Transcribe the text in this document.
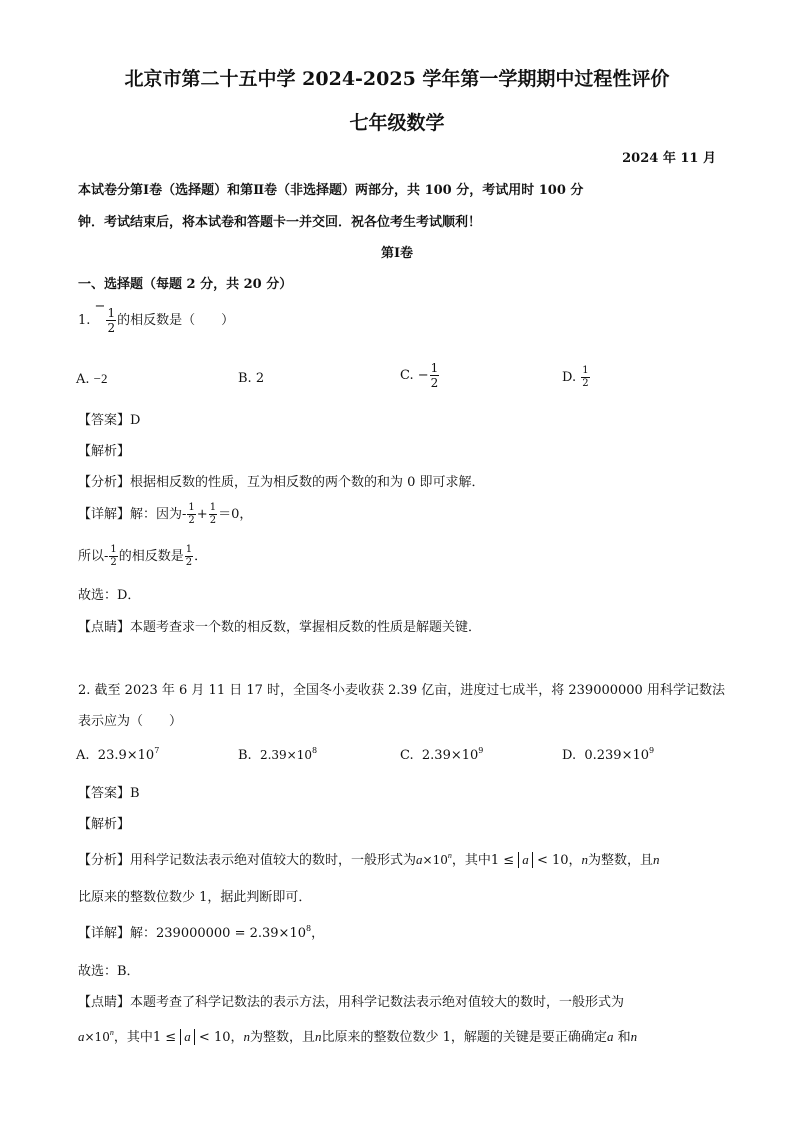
北京市第二十五中学 2024-2025 学年第一学期期中过程性评价
七年级数学
2024 年 11 月
本试卷分第Ⅰ卷（选择题）和第Ⅱ卷（非选择题）两部分，共 100 分，考试用时 100 分
钟．考试结束后，将本试卷和答题卡一并交回．祝各位考生考试顺利！
第Ⅰ卷
一、选择题（每题 2 分，共 20 分）
1. −
$\frac{1}{2}$ 的相反数是（　　）
A. −2	B. 2	C. − $\frac{1}{2}$	D. $\frac{1}{2}$
【答案】D
【解析】
【分析】根据相反数的性质，互为相反数的两个数的和为 0 即可求解．
【详解】解：因为- $\frac{1}{2} + \frac{1}{2} =0$，
所以- $\frac{1}{2}$ 的相反数是 $\frac{1}{2}$ ．
故选：D．
【点睛】本题考查求一个数的相反数，掌握相反数的性质是解题关键．
2. 截至 2023 年 6 月 11 日 17 时，全国冬小麦收获 2.39 亿亩，进度过七成半，将 239000000 用科学记数法
表示应为（　　）
A. $23.9\times 10^7$	B. $2.39\times 10^8$	C. $2.39\times 10^9$	D. $0.239\times 10^9$
【答案】B
【解析】
【分析】用科学记数法表示绝对值较大的数时，一般形式为$a\times 10^n$，其中1 ≤ a < 10，n为整数，且n
比原来的整数位数少 1，据此判断即可．
【详解】解：$239000000 = 2.39\times 10^8$，
故选：B．
【点睛】本题考查了科学记数法的表示方法，用科学记数法表示绝对值较大的数时，一般形式为
$a\times 10^n$，其中1 ≤ a < 10，n为整数，且n比原来的整数位数少 1，解题的关键是要正确确定a 和n
